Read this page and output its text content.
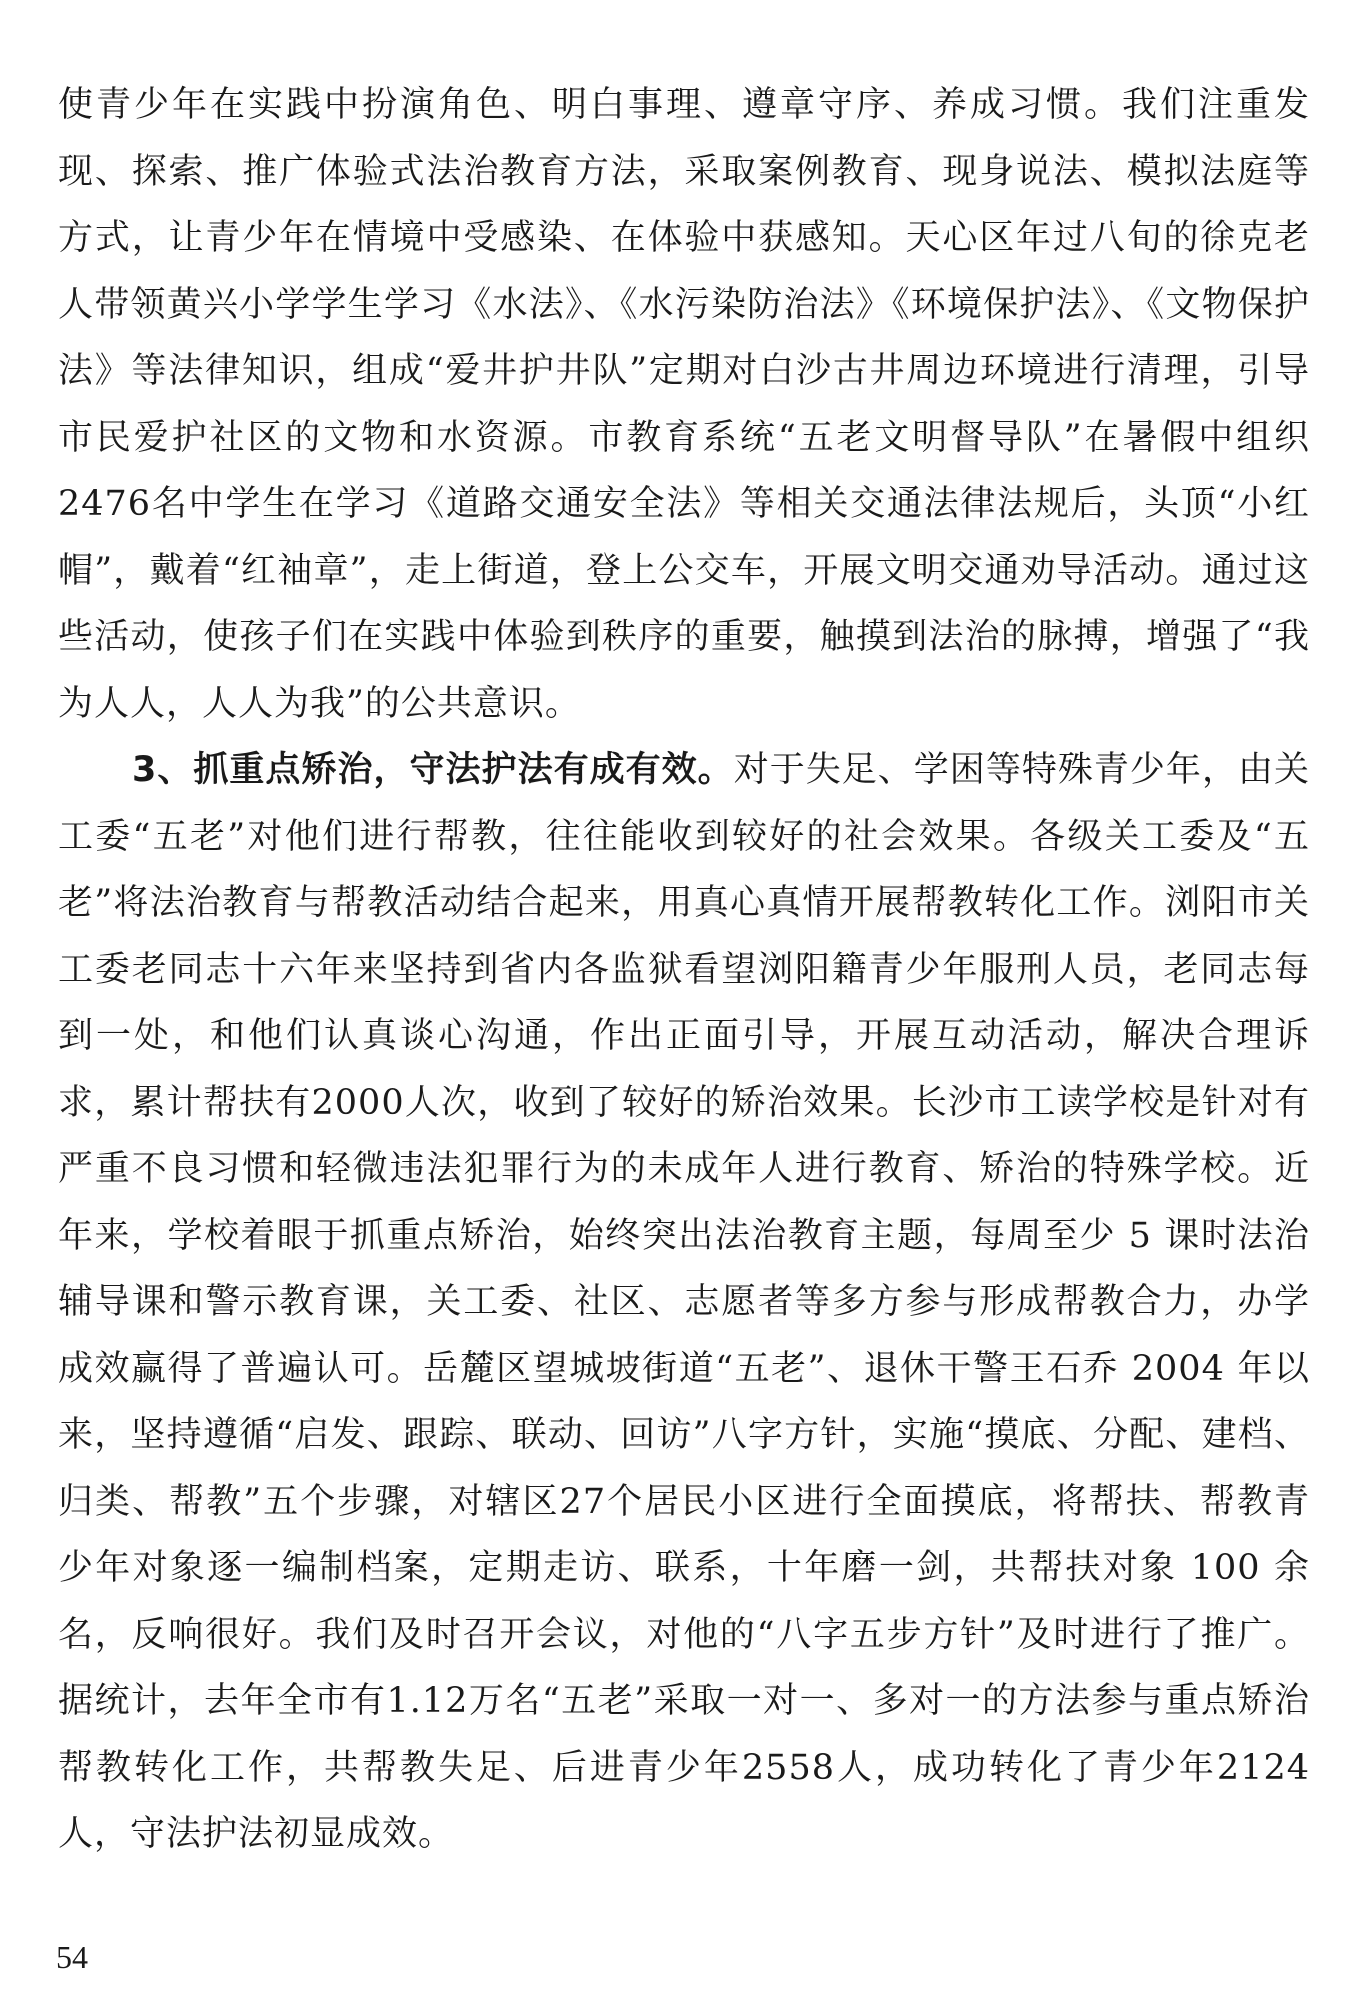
使青少年在实践中扮演角色、明白事理、遵章守序、养成习惯。我们注重发现、探索、推广体验式法治教育方法，采取案例教育、现身说法、模拟法庭等方式，让青少年在情境中受感染、在体验中获感知。天心区年过八旬的徐克老人带领黄兴小学学生学习《水法》、《水污染防治法》《环境保护法》、《文物保护法》等法律知识，组成“爱井护井队”定期对白沙古井周边环境进行清理，引导市民爱护社区的文物和水资源。市教育系统“五老文明督导队”在暑假中组织2476名中学生在学习《道路交通安全法》等相关交通法律法规后，头顶“小红帽”，戴着“红袖章”，走上街道，登上公交车，开展文明交通劝导活动。通过这些活动，使孩子们在实践中体验到秩序的重要，触摸到法治的脉搏，增强了“我为人人，人人为我”的公共意识。

3、抓重点矫治，守法护法有成有效。对于失足、学困等特殊青少年，由关工委“五老”对他们进行帮教，往往能收到较好的社会效果。各级关工委及“五老”将法治教育与帮教活动结合起来，用真心真情开展帮教转化工作。浏阳市关工委老同志十六年来坚持到省内各监狱看望浏阳籍青少年服刑人员，老同志每到一处，和他们认真谈心沟通，作出正面引导，开展互动活动，解决合理诉求，累计帮扶有2000人次，收到了较好的矫治效果。长沙市工读学校是针对有严重不良习惯和轻微违法犯罪行为的未成年人进行教育、矫治的特殊学校。近年来，学校着眼于抓重点矫治，始终突出法治教育主题，每周至少 5 课时法治辅导课和警示教育课，关工委、社区、志愿者等多方参与形成帮教合力，办学成效赢得了普遍认可。岳麓区望城坡街道“五老”、退休干警王石乔 2004 年以来，坚持遵循“启发、跟踪、联动、回访”八字方针，实施“摸底、分配、建档、归类、帮教”五个步骤，对辖区27个居民小区进行全面摸底，将帮扶、帮教青少年对象逐一编制档案，定期走访、联系，十年磨一剑，共帮扶对象 100 余名，反响很好。我们及时召开会议，对他的“八字五步方针”及时进行了推广。据统计，去年全市有1.12万名“五老”采取一对一、多对一的方法参与重点矫治帮教转化工作，共帮教失足、后进青少年2558人，成功转化了青少年2124人，守法护法初显成效。

54
